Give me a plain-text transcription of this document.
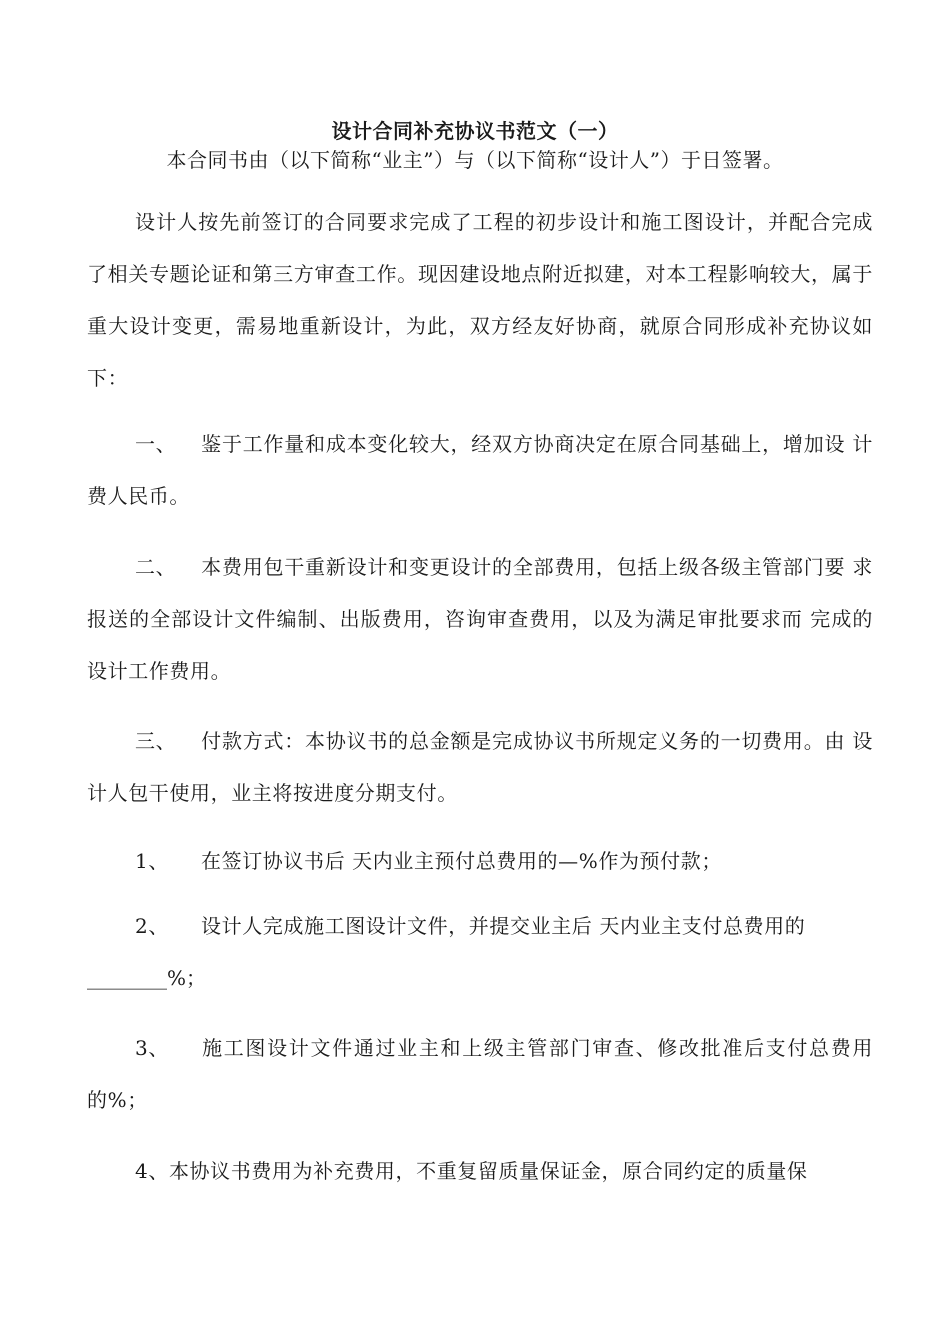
设计合同补充协议书范文（一）
本合同书由（以下简称“业主”）与（以下简称“设计人”）于日签署。

设计人按先前签订的合同要求完成了工程的初步设计和施工图设计，并配合完成了相关专题论证和第三方审查工作。现因建设地点附近拟建，对本工程影响较大，属于重大设计变更，需易地重新设计，为此，双方经友好协商，就原合同形成补充协议如下：

一、 鉴于工作量和成本变化较大，经双方协商决定在原合同基础上，增加设 计费人民币。

二、 本费用包干重新设计和变更设计的全部费用，包括上级各级主管部门要 求报送的全部设计文件编制、出版费用，咨询审查费用，以及为满足审批要求而 完成的设计工作费用。

三、 付款方式：本协议书的总金额是完成协议书所规定义务的一切费用。由 设计人包干使用，业主将按进度分期支付。

1、 在签订协议书后 天内业主预付总费用的—%作为预付款；

2、 设计人完成施工图设计文件，并提交业主后 天内业主支付总费用的
________%；

3、 施工图设计文件通过业主和上级主管部门审查、修改批准后支付总费用 的%；

4、本协议书费用为补充费用，不重复留质量保证金，原合同约定的质量保
